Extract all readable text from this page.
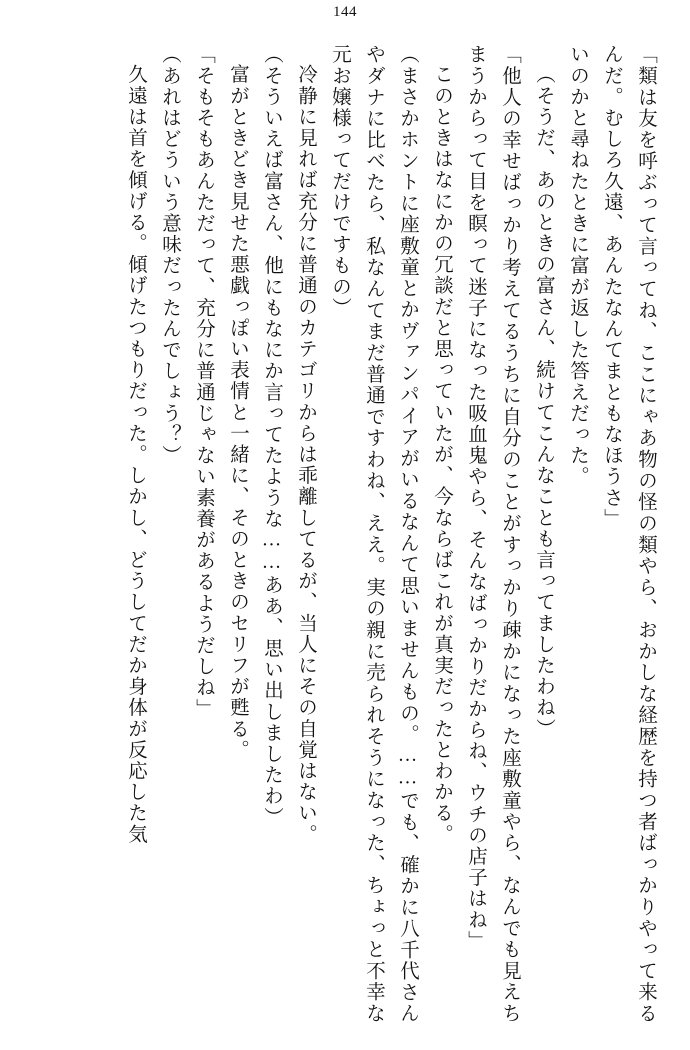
144

「類は友を呼ぶって言ってね、ここにゃあ物の怪の類やら、おかしな経歴を持つ者ばっかりやって来るんだ。むしろ久遠、あんたなんてまともなほうさ」

いのかと尋ねたときに富が返した答えだった。

（そうだ、あのときの富さん、続けてこんなことも言ってましたわね）

「他人の幸せばっかり考えてるうちに自分のことがすっかり疎かになった座敷童やら、なんでも見えちまうからって目を瞑って迷子になった吸血鬼やら、そんなばっかりだからね、ウチの店子はね」

このときはなにかの冗談だと思っていたが、今ならばこれが真実だったとわかる。

（まさかホントに座敷童とかヴァンパイアがいるなんて思いませんもの。……でも、確かに八千代さんやダナに比べたら、私なんてまだ普通ですわね、ええ。実の親に売られそうになった、ちょっと不幸な元お嬢様ってだけですもの）

冷静に見れば充分に普通のカテゴリからは乖離してるが、当人にその自覚はない。

（そういえば富さん、他にもなにか言ってたような……ああ、思い出しましたわ）

富がときどき見せた悪戯っぽい表情と一緒に、そのときのセリフが甦る。

「そもそもあんただって、充分に普通じゃない素養があるようだしね」

（あれはどういう意味だったんでしょう？）

久遠は首を傾げる。傾げたつもりだった。しかし、どうしてだか身体が反応した気
